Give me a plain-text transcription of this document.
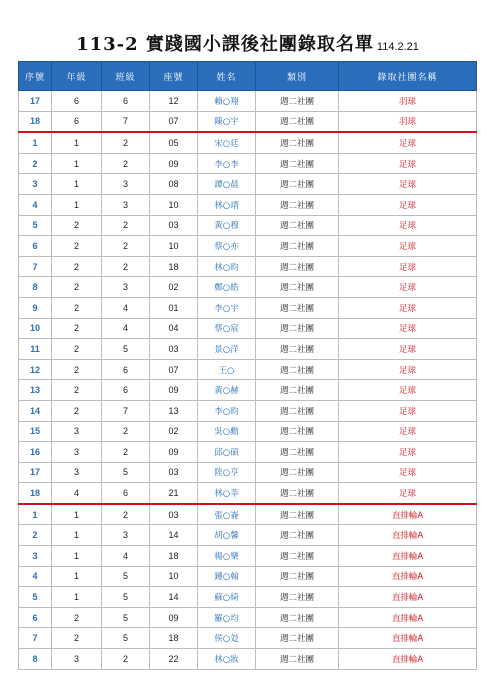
113-2 實踐國小課後社團錄取名單 114.2.21
序號	年級	班級	座號	姓名	類別	錄取社團名稱
17	6	6	12	賴○翔	週二社團	羽球
18	6	7	07	陳○宇	週二社團	羽球
1	1	2	05	宋○廷	週二社團	足球
2	1	2	09	李○李	週二社團	足球
3	1	3	08	譚○晨	週二社團	足球
4	1	3	10	林○靖	週二社團	足球
5	2	2	03	黃○穆	週二社團	足球
6	2	2	10	蔡○亦	週二社團	足球
7	2	2	18	林○昀	週二社團	足球
8	2	3	02	鄭○皓	週二社團	足球
9	2	4	01	李○宇	週二社團	足球
10	2	4	04	蔡○宸	週二社團	足球
11	2	5	03	景○洋	週二社團	足球
12	2	6	07	王○	週二社團	足球
13	2	6	09	黃○赫	週二社團	足球
14	2	7	13	李○昀	週二社團	足球
15	3	2	02	吳○勳	週二社團	足球
16	3	2	09	邱○碩	週二社團	足球
17	3	5	03	陸○亨	週二社團	足球
18	4	6	21	林○莘	週二社團	足球
1	1	2	03	張○崙	週二社團	直排輪A
2	1	3	14	胡○馨	週二社團	直排輪A
3	1	4	18	楊○樂	週二社團	直排輪A
4	1	5	10	鍾○翰	週二社團	直排輪A
5	1	5	14	蘇○綺	週二社團	直排輪A
6	2	5	09	羅○均	週二社團	直排輪A
7	2	5	18	侯○彣	週二社團	直排輪A
8	3	2	22	林○妝	週二社團	直排輪A
